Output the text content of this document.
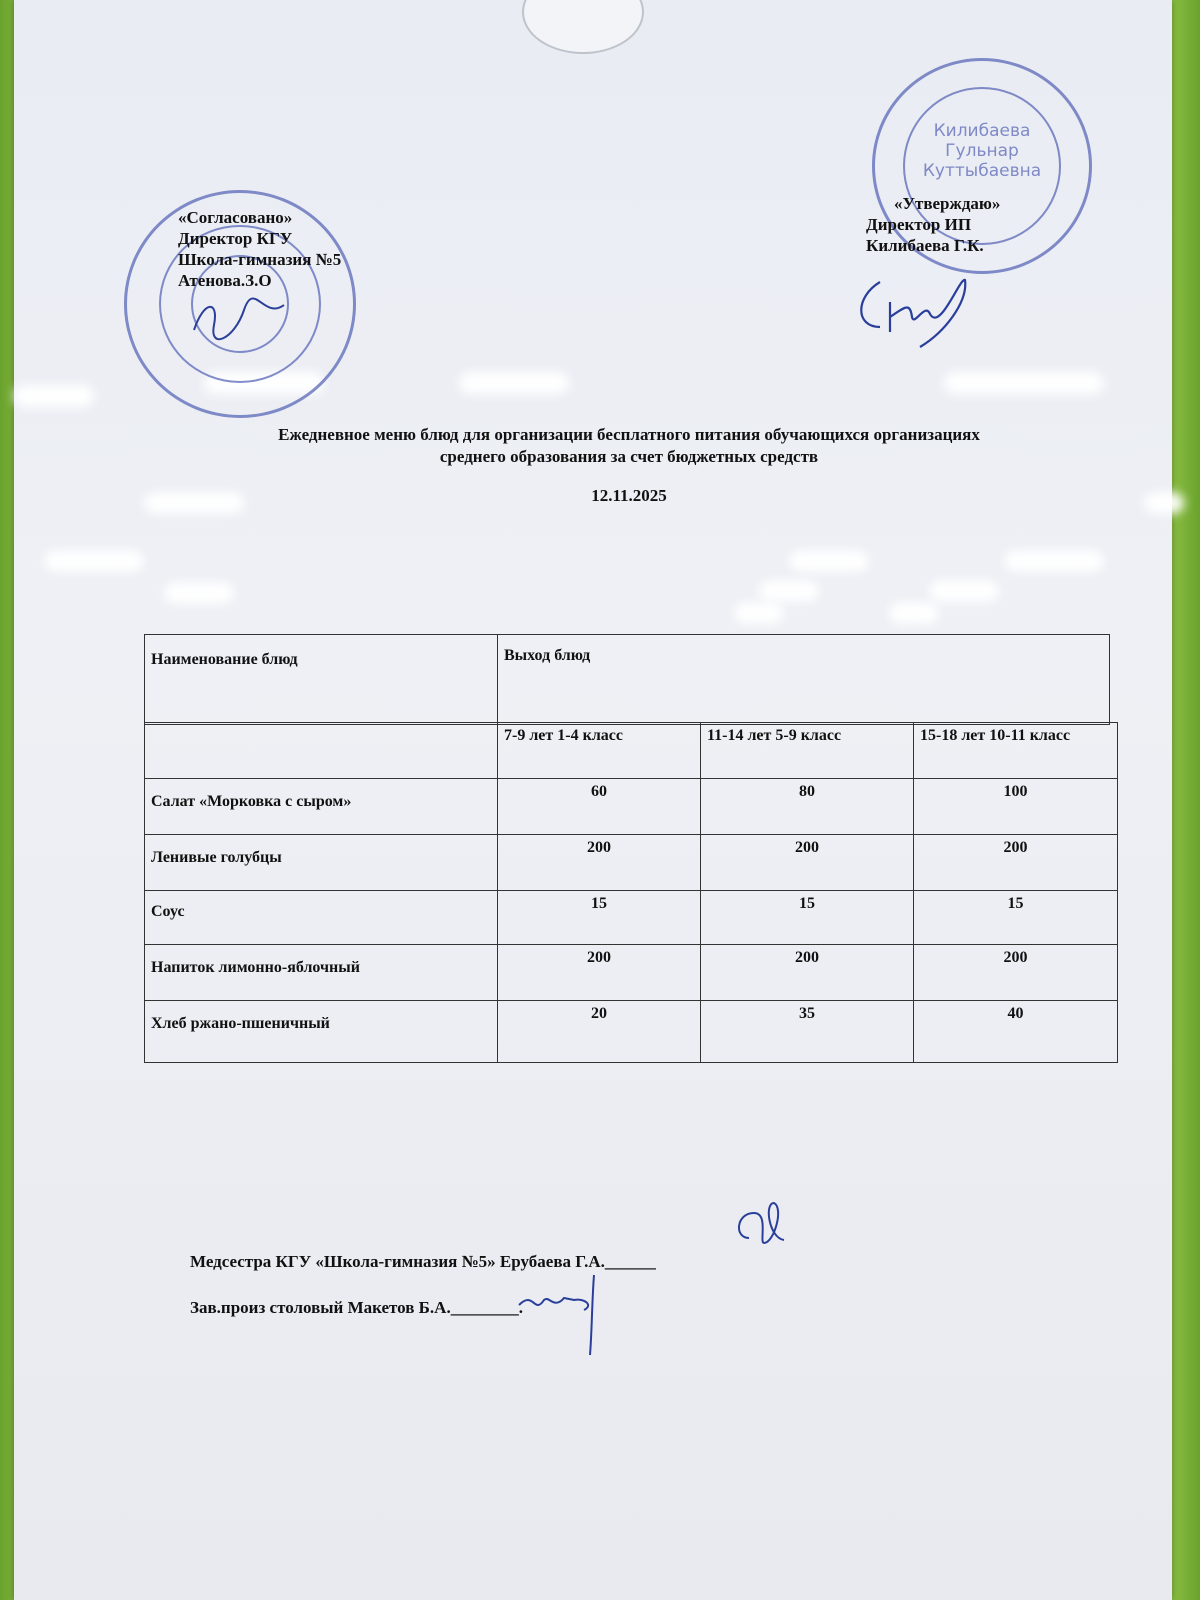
Килибаева
Гульнар
Куттыбаевна
«Согласовано»
Директор КГУ
Школа-гимназия №5
Атенова.З.О
«Утверждаю»
Директор ИП
Килибаева Г.К.
Ежедневное меню блюд для организации бесплатного питания обучающихся организациях
среднего образования за счет бюджетных средств
12.11.2025
Наименование блюд	Выход блюд
	7-9 лет 1-4 класс	11-14 лет 5-9 класс	15-18 лет 10-11 класс
Салат «Морковка с сыром»	60	80	100
Ленивые голубцы	200	200	200
Соус	15	15	15
Напиток лимонно-яблочный	200	200	200
Хлеб ржано-пшеничный	20	35	40
Медсестра КГУ «Школа-гимназия №5» Ерубаева Г.А.______
Зав.произ столовый Макетов Б.А.________.
